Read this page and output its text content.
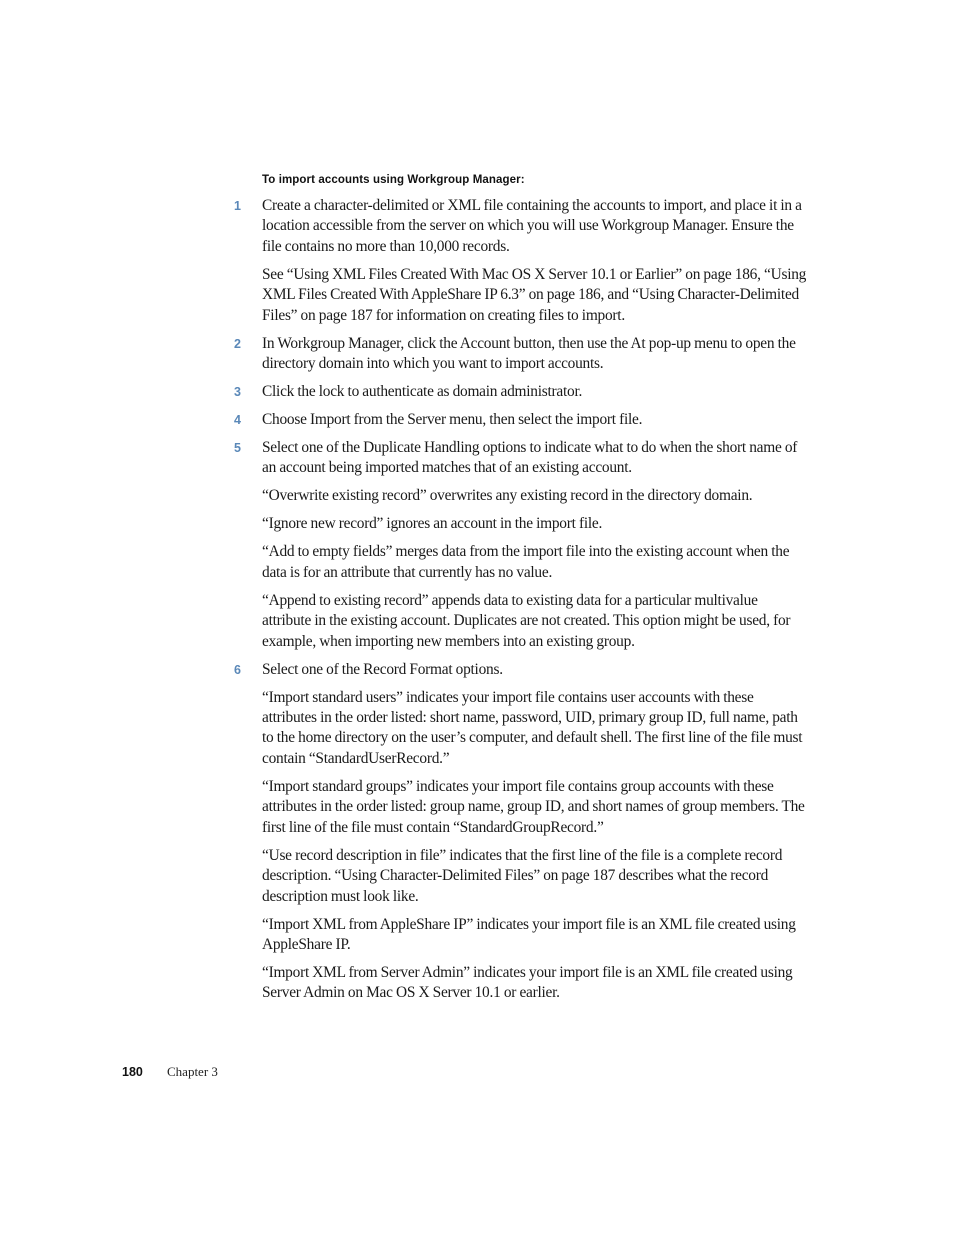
To import accounts using Workgroup Manager:
1 Create a character-delimited or XML file containing the accounts to import, and place it in a location accessible from the server on which you will use Workgroup Manager. Ensure the file contains no more than 10,000 records.
See “Using XML Files Created With Mac OS X Server 10.1 or Earlier” on page 186, “Using XML Files Created With AppleShare IP 6.3” on page 186, and “Using Character-Delimited Files” on page 187 for information on creating files to import.
2 In Workgroup Manager, click the Account button, then use the At pop-up menu to open the directory domain into which you want to import accounts.
3 Click the lock to authenticate as domain administrator.
4 Choose Import from the Server menu, then select the import file.
5 Select one of the Duplicate Handling options to indicate what to do when the short name of an account being imported matches that of an existing account.
“Overwrite existing record” overwrites any existing record in the directory domain.
“Ignore new record” ignores an account in the import file.
“Add to empty fields” merges data from the import file into the existing account when the data is for an attribute that currently has no value.
“Append to existing record” appends data to existing data for a particular multivalue attribute in the existing account. Duplicates are not created. This option might be used, for example, when importing new members into an existing group.
6 Select one of the Record Format options.
“Import standard users” indicates your import file contains user accounts with these attributes in the order listed: short name, password, UID, primary group ID, full name, path to the home directory on the user’s computer, and default shell. The first line of the file must contain “StandardUserRecord.”
“Import standard groups” indicates your import file contains group accounts with these attributes in the order listed: group name, group ID, and short names of group members. The first line of the file must contain “StandardGroupRecord.”
“Use record description in file” indicates that the first line of the file is a complete record description. “Using Character-Delimited Files” on page 187 describes what the record description must look like.
“Import XML from AppleShare IP” indicates your import file is an XML file created using AppleShare IP.
“Import XML from Server Admin” indicates your import file is an XML file created using Server Admin on Mac OS X Server 10.1 or earlier.
180	Chapter 3
